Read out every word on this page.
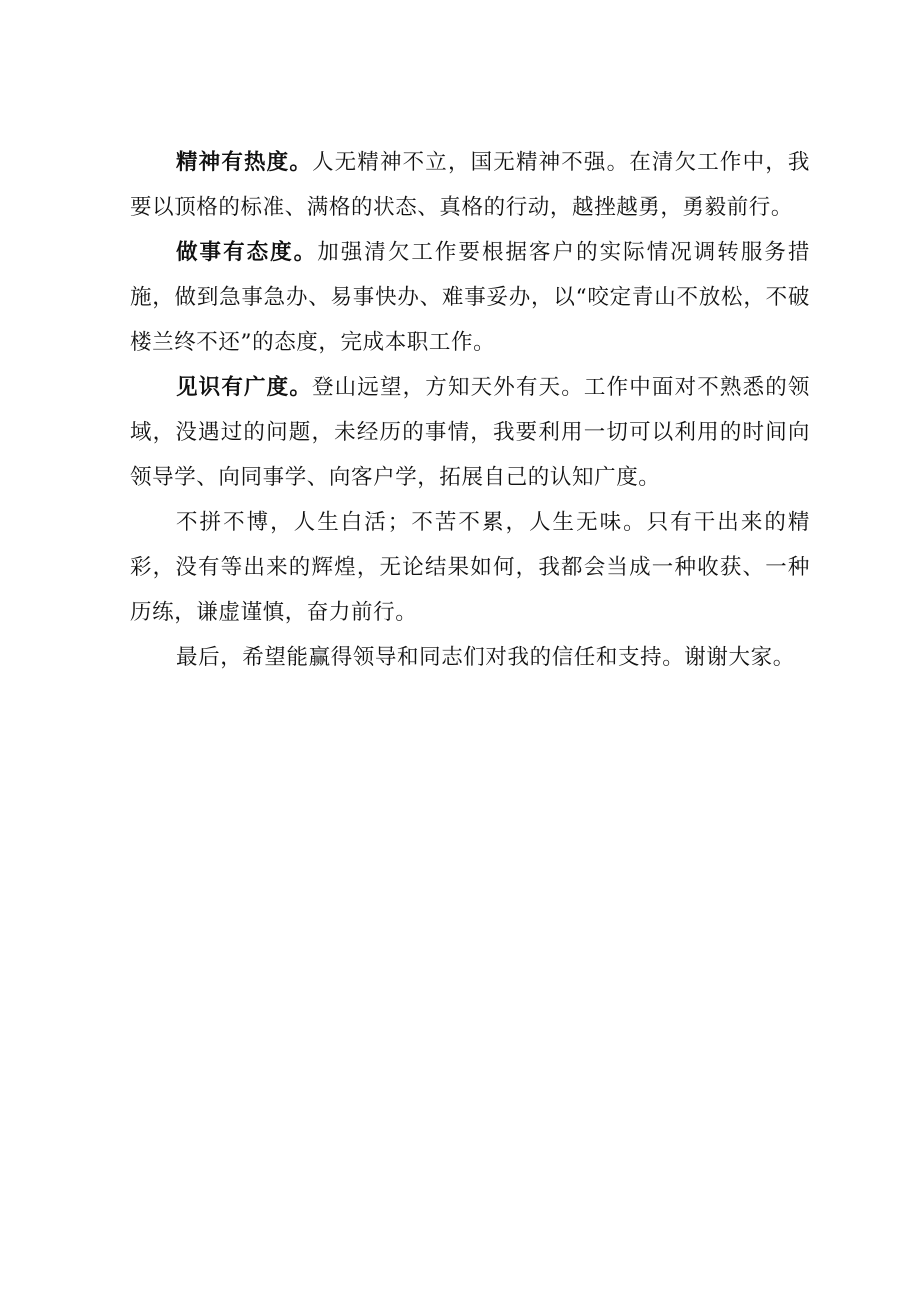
精神有热度。人无精神不立，国无精神不强。在清欠工作中，我要以顶格的标准、满格的状态、真格的行动，越挫越勇，勇毅前行。

做事有态度。加强清欠工作要根据客户的实际情况调转服务措施，做到急事急办、易事快办、难事妥办，以“咬定青山不放松，不破楼兰终不还”的态度，完成本职工作。

见识有广度。登山远望，方知天外有天。工作中面对不熟悉的领域，没遇过的问题，未经历的事情，我要利用一切可以利用的时间向领导学、向同事学、向客户学，拓展自己的认知广度。

不拼不博，人生白活；不苦不累，人生无味。只有干出来的精彩，没有等出来的辉煌，无论结果如何，我都会当成一种收获、一种历练，谦虚谨慎，奋力前行。

最后，希望能赢得领导和同志们对我的信任和支持。谢谢大家。
